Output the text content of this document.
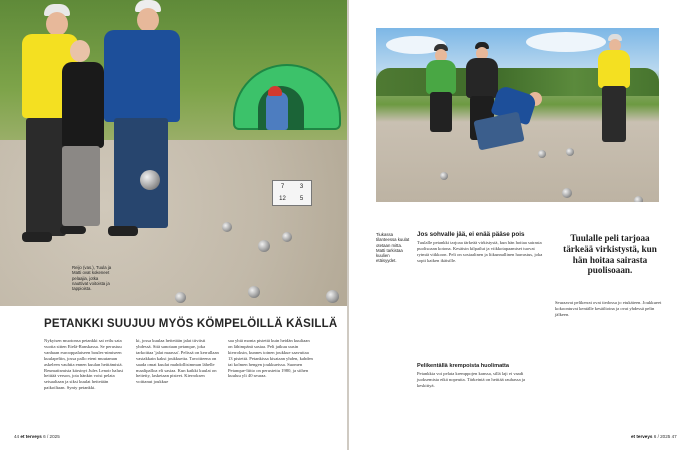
7	3
12	5
Reijo (vas.), Tuula ja Matti ovat kokeneet pelaajia, jotka nauttivat voitoista ja tappioista.
PETANKKI SUUJUU MYÖS KÖMPELÖILLÄ KÄSILLÄ

Nykyisen muotonsa petankki sai reilu sata vuotta sitten Etelä-Ranskassa. Se perustuu vanhaan eurooppalaiseen boules-nimiseen kuulapeliin, jossa pallo eteni muutaman askeleen vauhtia ennen kuulan heittämistä. Reumatismista kärsinyt Jules Lenoir halusi heittää verson, jota hänkin voisi pelata seisaaltaan ja siksi kuulat heitetään paikoiltaan. Synty petankki.

ki, jossa kuulaa heitetään jalat tiiviisti yhdessä. Sitä sanotaan petanque, joka tarkoittaa 'jalat maassa'. Pelissä on kerrallaan vastakkain kaksi joukkuetta. Tavoitteena on saada omat kuulat mahdollisimman lähelle maalipalloa eli sasiaa. Kun kaikki kuulat on heitetty, lasketaan pisteet. Kierroksen voittanut joukkue

saa yhtä monta pistettä kuin heidän kuuliaan on lähimpänä sasiaa. Peli jatkuu uusin kierroksin, kunnes toinen joukkue saavuttaa 13 pistettä. Petankissa kisataan yhden, kahden tai kolmen hengen joukkueissa. Suomen Petanque-liitto on perustettu 1980, ja siihen kuuluu yli 40 seuraa.

44 et terveys 6 / 2025
Tiukassa tilanteessa kuulat otetaan mitta. Matti tarkistaa kuulien etäisyydet.
Jos sohvalle jää, ei enää pääse pois

Tuulalle petankki tarjoaa tärkeää virkistystä, kun hän hoitaa sairasta puolisoaan kotona. Kesäisin kilpailut ja viikkotapaamiset tuovat rytmiä viikkoon. Peli on sosiaalinen ja liikunnallinen harrastus, joka sopii kaiken ikäisille.

Pelikentällä krempoista huolimatta

Petankkia voi pelata kremppojen kanssa, sillä laji ei vaadi juoksemista eikä nopeutta. Tärkeintä on heittää rauhassa ja keskittyä.

Tuulalle peli tarjoaa tärkeää virkistystä, kun hän hoitaa sairasta puolisoaan.

Seuraavat pelikerrat ovat tiedossa jo etukäteen. Joukkueet kokoontuvat kentälle kesäiltoina ja ovat yhdessä pelin jälkeen.

et terveys 6 / 2025 47
